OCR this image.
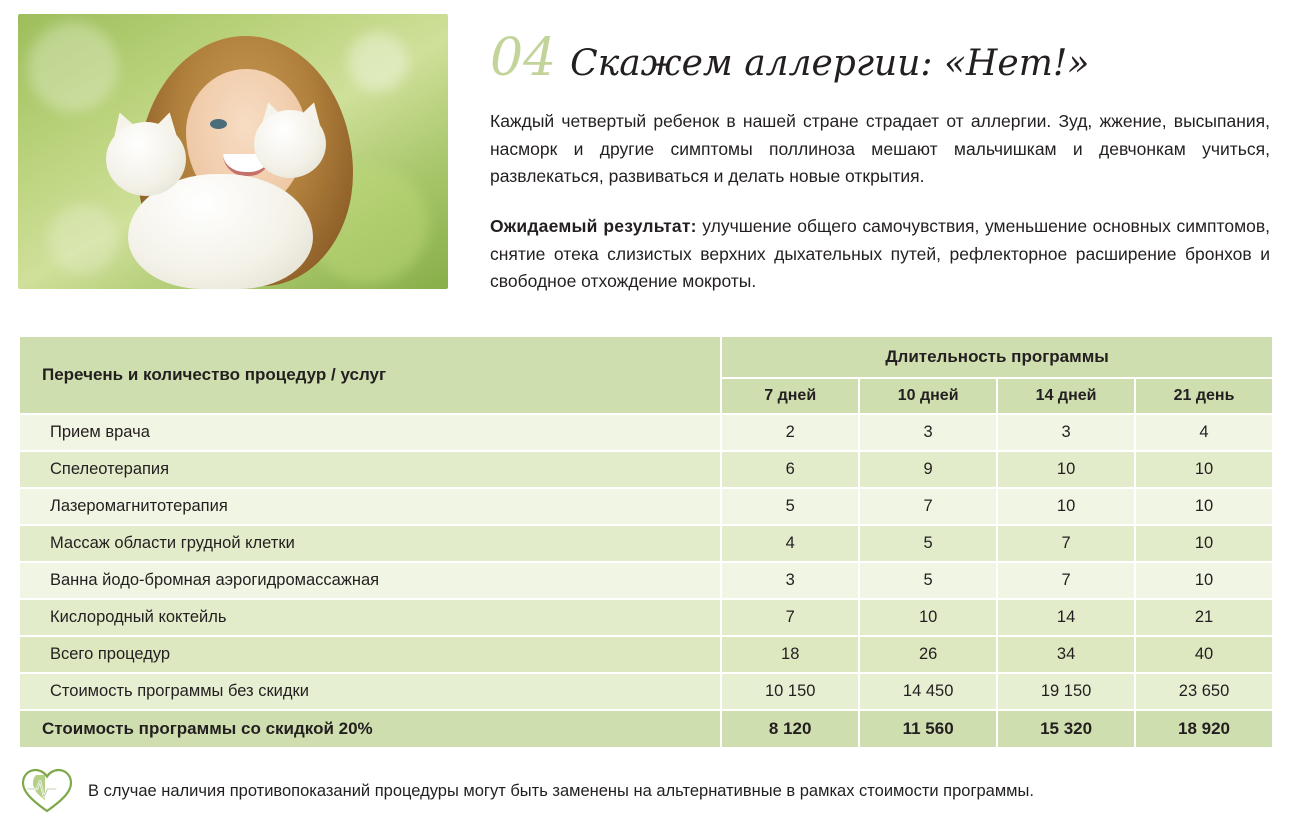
04 Скажем аллергии: «Нет!»

Каждый четвертый ребенок в нашей стране страдает от аллергии. Зуд, жжение, высыпания, насморк и другие симптомы поллиноза мешают мальчишкам и девчонкам учиться, развлекаться, развиваться и делать новые открытия.

Ожидаемый результат: улучшение общего самочувствия, уменьшение основных симптомов, снятие отека слизистых верхних дыхательных путей, рефлекторное расширение бронхов и свободное отхождение мокроты.

Перечень и количество процедур / услуг	Длительность программы			
	7 дней	10 дней	14 дней	21 день
Прием врача	2	3	3	4
Спелеотерапия	6	9	10	10
Лазеромагнитотерапия	5	7	10	10
Массаж области грудной клетки	4	5	7	10
Ванна йодо-бромная аэрогидромассажная	3	5	7	10
Кислородный коктейль	7	10	14	21
Всего процедур	18	26	34	40
Стоимость программы без скидки	10 150	14 450	19 150	23 650
Стоимость программы со скидкой 20%	8 120	11 560	15 320	18 920
В случае наличия противопоказаний процедуры могут быть заменены на альтернативные в рамках стоимости программы.
